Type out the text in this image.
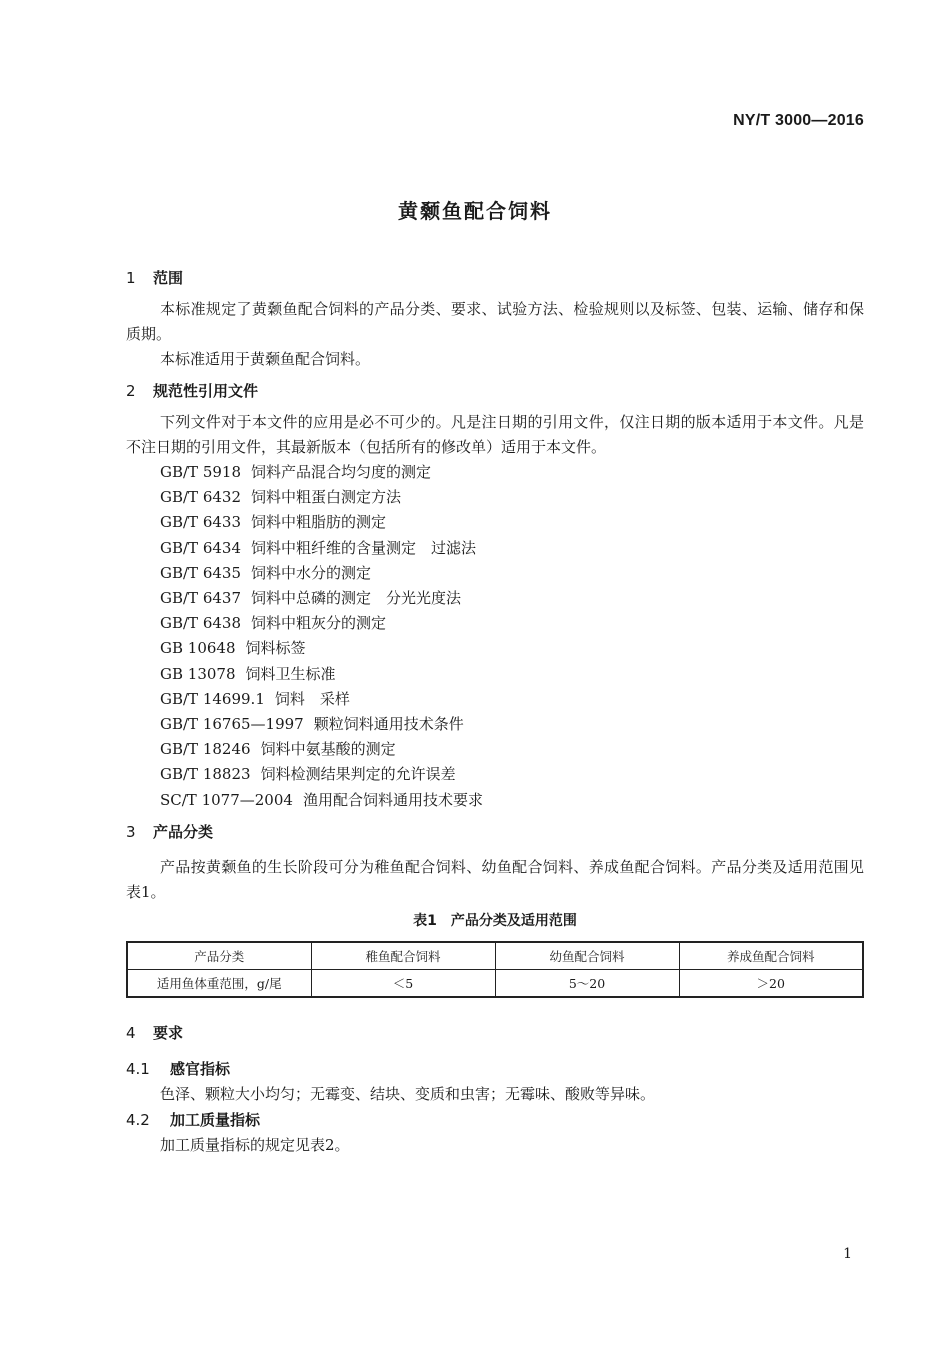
NY/T 3000—2016
黄颡鱼配合饲料
1 范围

本标准规定了黄颡鱼配合饲料的产品分类、要求、试验方法、检验规则以及标签、包装、运输、储存和保质期。

本标准适用于黄颡鱼配合饲料。

2 规范性引用文件

下列文件对于本文件的应用是必不可少的。凡是注日期的引用文件，仅注日期的版本适用于本文件。凡是不注日期的引用文件，其最新版本（包括所有的修改单）适用于本文件。

GB/T 5918 饲料产品混合均匀度的测定
GB/T 6432 饲料中粗蛋白测定方法
GB/T 6433 饲料中粗脂肪的测定
GB/T 6434 饲料中粗纤维的含量测定　过滤法
GB/T 6435 饲料中水分的测定
GB/T 6437 饲料中总磷的测定　分光光度法
GB/T 6438 饲料中粗灰分的测定
GB 10648 饲料标签
GB 13078 饲料卫生标准
GB/T 14699.1 饲料　采样
GB/T 16765—1997 颗粒饲料通用技术条件
GB/T 18246 饲料中氨基酸的测定
GB/T 18823 饲料检测结果判定的允许误差
SC/T 1077—2004 渔用配合饲料通用技术要求
3 产品分类

产品按黄颡鱼的生长阶段可分为稚鱼配合饲料、幼鱼配合饲料、养成鱼配合饲料。产品分类及适用范围见表1。

表1　产品分类及适用范围
产品分类	稚鱼配合饲料	幼鱼配合饲料	养成鱼配合饲料
适用鱼体重范围，g/尾	＜5	5～20	＞20
4 要求
4.1 感官指标

色泽、颗粒大小均匀；无霉变、结块、变质和虫害；无霉味、酸败等异味。

4.2 加工质量指标

加工质量指标的规定见表2。

1
